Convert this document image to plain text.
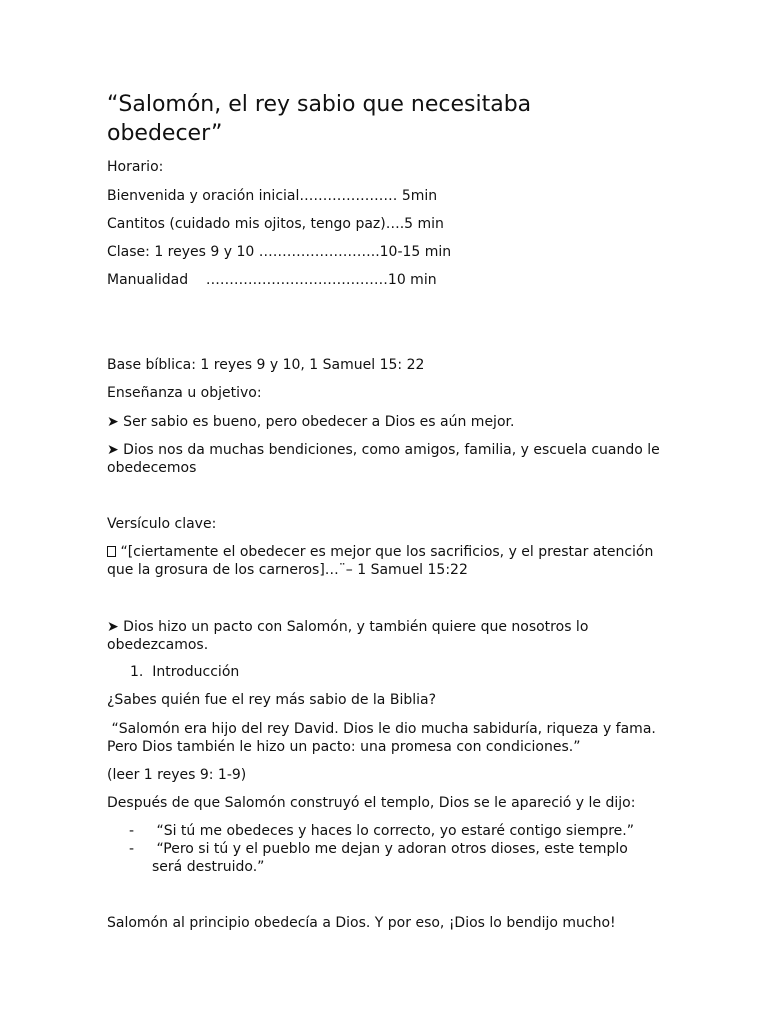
“Salomón, el rey sabio que necesitaba obedecer”
Horario:
Bienvenida y oración inicial………………… 5min
Cantitos (cuidado mis ojitos, tengo paz)….5 min
Clase: 1 reyes 9 y 10 ……………………..10-15 min
Manualidad    …………………………………10 min
Base bíblica: 1 reyes 9 y 10, 1 Samuel 15: 22
Enseñanza u objetivo:
➤ Ser sabio es bueno, pero obedecer a Dios es aún mejor.
➤ Dios nos da muchas bendiciones, como amigos, familia, y escuela cuando le obedecemos
Versículo clave:
“[ciertamente el obedecer es mejor que los sacrificios, y el prestar atención que la grosura de los carneros]…¨– 1 Samuel 15:22
➤ Dios hizo un pacto con Salomón, y también quiere que nosotros lo obedezcamos.
1. Introducción
¿Sabes quién fue el rey más sabio de la Biblia?
“Salomón era hijo del rey David. Dios le dio mucha sabiduría, riqueza y fama. Pero Dios también le hizo un pacto: una promesa con condiciones.”
(leer 1 reyes 9: 1-9)
Después de que Salomón construyó el templo, Dios se le apareció y le dijo:
-	“Si tú me obedeces y haces lo correcto, yo estaré contigo siempre.”
-	“Pero si tú y el pueblo me dejan y adoran otros dioses, este templo será destruido.”
Salomón al principio obedecía a Dios. Y por eso, ¡Dios lo bendijo mucho!
